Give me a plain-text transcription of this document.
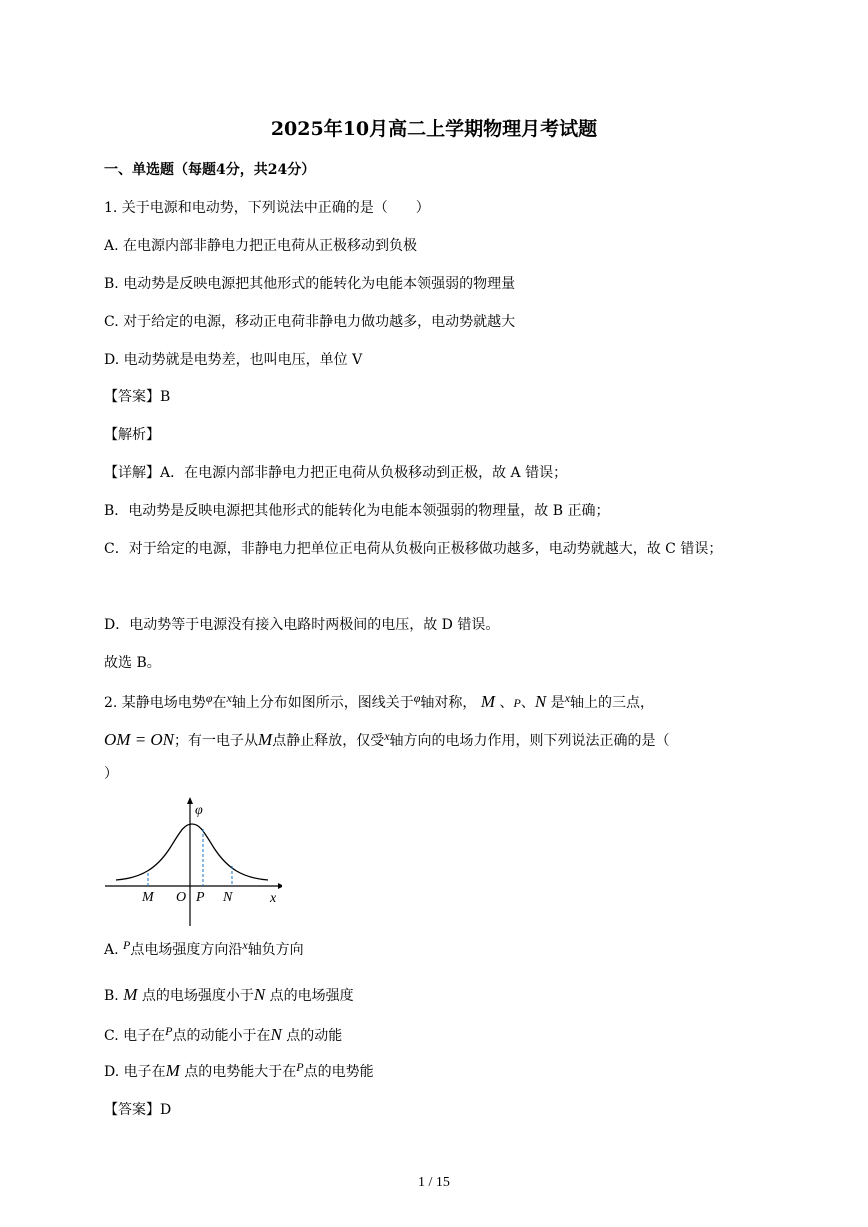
2025年10月高二上学期物理月考试题
一、单选题（每题4分，共24分）
1. 关于电源和电动势，下列说法中正确的是（　　）
A. 在电源内部非静电力把正电荷从正极移动到负极
B. 电动势是反映电源把其他形式的能转化为电能本领强弱的物理量
C. 对于给定的电源，移动正电荷非静电力做功越多，电动势就越大
D. 电动势就是电势差，也叫电压，单位 V
【答案】B
【解析】
【详解】A．在电源内部非静电力把正电荷从负极移动到正极，故 A 错误；
B．电动势是反映电源把其他形式的能转化为电能本领强弱的物理量，故 B 正确；
C．对于给定的电源，非静电力把单位正电荷从负极向正极移做功越多，电动势就越大，故 C 错误；
D．电动势等于电源没有接入电路时两极间的电压，故 D 错误。
故选 B。
2. 某静电场电势φ在x轴上分布如图所示，图线关于φ轴对称， M 、P、N 是x轴上的三点，
OM = ON；有一电子从M点静止释放，仅受x轴方向的电场力作用，则下列说法正确的是（
）
φ
x
M O P N
A. P点电场强度方向沿x轴负方向
B. M 点的电场强度小于N 点的电场强度
C. 电子在P点的动能小于在N 点的动能
D. 电子在M 点的电势能大于在P点的电势能
【答案】D
1 / 15
